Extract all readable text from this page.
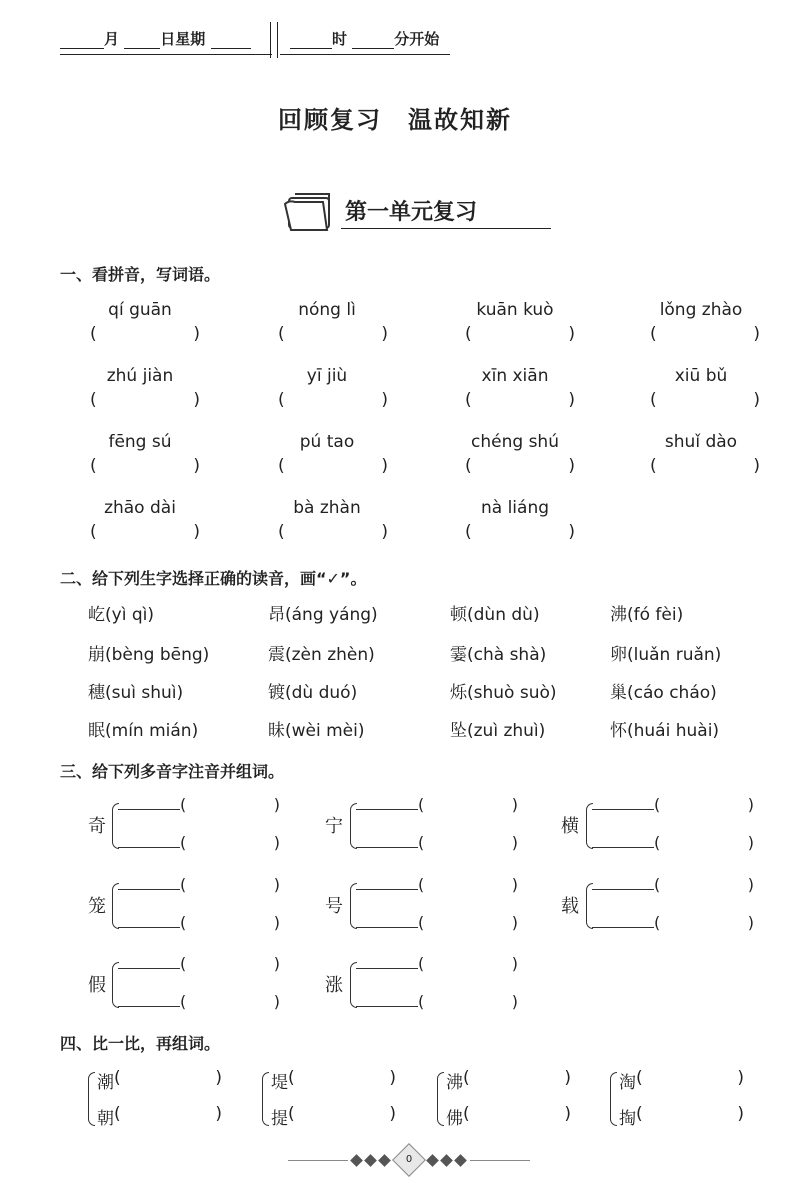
月	日星期	时	分开始
回顾复习 温故知新
第一单元复习
一、看拼音，写词语。
qí guān
(	)
nóng lì
(	)
kuān kuò
(	)
lǒng zhào
(	)
zhú jiàn
(	)
yī jiù
(	)
xīn xiān
(	)
xiū bǔ
(	)
fēng sú
(	)
pú tao
(	)
chéng shú
(	)
shuǐ dào
(	)
zhāo dài
(	)
bà zhàn
(	)
nà liáng
(	)
二、给下列生字选择正确的读音，画“✓”。
屹(yì qì)	昂(áng yáng)	顿(dùn dù)	沸(fó fèi)
崩(bèng bēng)	震(zèn zhèn)	霎(chà shà)	卵(luǎn ruǎn)
穗(suì shuì)	镀(dù duó)	烁(shuò suò)	巢(cáo cháo)
眠(mín mián)	昧(wèi mèi)	坠(zuì zhuì)	怀(huái huài)
三、给下列多音字注音并组词。
奇
(	)
(	)
宁
(	)
(	)
横
(	)
(	)
笼
(	)
(	)
号
(	)
(	)
载
(	)
(	)
假
(	)
(	)
涨
(	)
(	)
四、比一比，再组词。
潮 (	)
朝 (	)
堤 (	)
提 (	)
沸 (	)
佛 (	)
淘 (	)
掏 (	)
0
